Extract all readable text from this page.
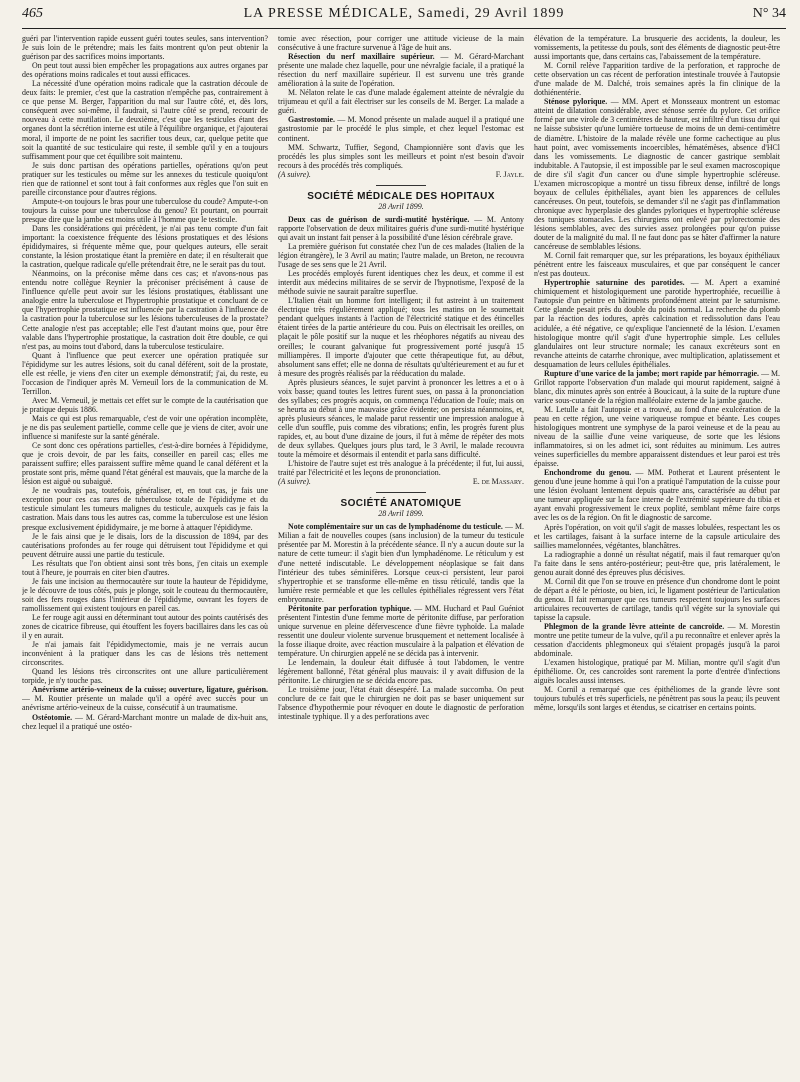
465	LA PRESSE MÉDICALE, Samedi, 29 Avril 1899	N° 34

guéri par l'intervention rapide eussent guéri toutes seules, sans intervention? Je suis loin de le prétendre; mais les faits montrent qu'on peut obtenir la guérison par des sacrifices moins importants.

On peut tout aussi bien empêcher les propagations aux autres organes par des opérations moins radicales et tout aussi efficaces.

La nécessité d'une opération moins radicale que la castration découle de deux faits: le premier, c'est que la castration n'empêche pas, contrairement à ce que pense M. Berger, l'apparition du mal sur l'autre côté, et, dès lors, conséquent avec soi-même, il faudrait, si l'autre côté se prend, recourir de nouveau à cette mutilation. Le deuxième, c'est que les testicules étant des organes dont la sécrétion interne est utile à l'équilibre organique, et j'ajouterai moral, il importe de ne point les sacrifier tous deux, car, quelque petite que soit la quantité de suc testiculaire qui reste, il semble qu'il y en a toujours suffisamment pour que cet équilibre soit maintenu.

Je suis donc partisan des opérations partielles, opérations qu'on peut pratiquer sur les testicules ou même sur les annexes du testicule quoiqu'ont rien que de rationnel et sont tout à fait conformes aux règles que l'on suit en pareille circonstance pour d'autres régions.

Ampute-t-on toujours le bras pour une tuberculose du coude? Ampute-t-on toujours la cuisse pour une tuberculose du genou? Et pourtant, on pourrait presque dire que la jambe est moins utile à l'homme que le testicule.

Dans les considérations qui précèdent, je n'ai pas tenu compte d'un fait important: la coexistence fréquente des lésions prostatiques et des lésions épididymaires, si fréquente même que, pour quelques auteurs, elle serait constante, la lésion prostatique étant la première en date; il en résulterait que la castration, quelque radicale qu'elle prétendrait être, ne le serait pas du tout.

Néanmoins, on la préconise même dans ces cas; et n'avons-nous pas entendu notre collègue Reynier la préconiser précisément à cause de l'influence qu'elle peut avoir sur les lésions prostatiques, établissant une analogie entre la tuberculose et l'hypertrophie prostatique et concluant de ce que l'hypertrophie prostatique est influencée par la castration à l'influence de la castration pour la tuberculose sur les lésions tuberculeuses de la prostate? Cette analogie n'est pas acceptable; elle l'est d'autant moins que, pour être valable dans l'hypertrophie prostatique, la castration doit être double, ce qui n'est pas, au moins tout d'abord, dans la tuberculose testiculaire.

Quant à l'influence que peut exercer une opération pratiquée sur l'épididyme sur les autres lésions, soit du canal déférent, soit de la prostate, elle est réelle, je viens d'en citer un exemple démonstratif; j'ai, du reste, eu l'occasion de l'indiquer après M. Verneuil lors de la communication de M. Terrillon.

Avec M. Verneuil, je mettais cet effet sur le compte de la cautérisation que je pratique depuis 1886.

Mais ce qui est plus remarquable, c'est de voir une opération incomplète, je ne dis pas seulement partielle, comme celle que je viens de citer, avoir une influence si manifeste sur la santé générale.

Ce sont donc ces opérations partielles, c'est-à-dire bornées à l'épididyme, que je crois devoir, de par les faits, conseiller en pareil cas; elles me paraissent suffire; elles paraissent suffire même quand le canal déférent et la prostate sont pris, même quand l'état général est mauvais, que la marche de la lésion est aiguë ou subaiguë.

Je ne voudrais pas, toutefois, généraliser, et, en tout cas, je fais une exception pour ces cas rares de tuberculose totale de l'épididyme et du testicule simulant les tumeurs malignes du testicule, auxquels cas je fais la castration. Mais dans tous les autres cas, comme la tuberculose est une lésion presque exclusivement épididymaire, je me borne à attaquer l'épididyme.

Je le fais ainsi que je le disais, lors de la discussion de 1894, par des cautérisations profondes au fer rouge qui détruisent tout l'épididyme et qui peuvent détruire aussi une partie du testicule.

Les résultats que l'on obtient ainsi sont très bons, j'en citais un exemple tout à l'heure, je pourrais en citer bien d'autres.

Je fais une incision au thermocautère sur toute la hauteur de l'épididyme, je le découvre de tous côtés, puis je plonge, soit le couteau du thermocautère, soit des fers rouges dans l'intérieur de l'épididyme, ouvrant les foyers de ramollissement qui existent toujours en pareil cas.

Le fer rouge agit aussi en déterminant tout autour des points cautérisés des zones de cicatrice fibreuse, qui étouffent les foyers bacillaires dans les cas où il y en aurait.

Je n'ai jamais fait l'épididymectomie, mais je ne verrais aucun inconvénient à la pratiquer dans les cas de lésions très nettement circonscrites.

Quand les lésions très circonscrites ont une allure particulièrement torpide, je n'y touche pas.

Anévrisme artério-veineux de la cuisse; ouverture, ligature, guérison. — M. Routier présente un malade qu'il a opéré avec succès pour un anévrisme artério-veineux de la cuisse, consécutif à un traumatisme.

Ostéotomie. — M. Gérard-Marchant montre un malade de dix-huit ans, chez lequel il a pratiqué une ostéo-

tomie avec résection, pour corriger une attitude vicieuse de la main consécutive à une fracture survenue à l'âge de huit ans.

Résection du nerf maxillaire supérieur. — M. Gérard-Marchant présente une malade chez laquelle, pour une névralgie faciale, il a pratiqué la résection du nerf maxillaire supérieur. Il est survenu une très grande amélioration à la suite de l'opération.

M. Nélaton relate le cas d'une malade également atteinte de névralgie du trijumeau et qu'il a fait électriser sur les conseils de M. Berger. La malade a guéri.

Gastrostomie. — M. Monod présente un malade auquel il a pratiqué une gastrostomie par le procédé le plus simple, et chez lequel l'estomac est continent.

MM. Schwartz, Tuffier, Segond, Championnière sont d'avis que les procédés les plus simples sont les meilleurs et point n'est besoin d'avoir recours à des procédés très compliqués.

(A suivre).	F. Jayle.
SOCIÉTÉ MÉDICALE DES HOPITAUX
28 Avril 1899.

Deux cas de guérison de surdi-mutité hystérique. — M. Antony rapporte l'observation de deux militaires guéris d'une surdi-mutité hystérique qui avait un instant fait penser à la possibilité d'une lésion cérébrale grave.

La première guérison fut constatée chez l'un de ces malades (Italien de la légion étrangère), le 3 Avril au matin; l'autre malade, un Breton, ne recouvra l'usage de ses sens que le 21 Avril.

Les procédés employés furent identiques chez les deux, et comme il est interdit aux médecins militaires de se servir de l'hypnotisme, l'exposé de la méthode suivie ne saurait paraître superflue.

L'Italien était un homme fort intelligent; il fut astreint à un traitement électrique très régulièrement appliqué; tous les matins on le soumettait pendant quelques instants à l'action de l'électricité statique et des étincelles étaient tirées de la partie antérieure du cou. Puis on électrisait les oreilles, on plaçait le pôle positif sur la nuque et les rhéophores négatifs au niveau des oreilles; le courant galvanique fut progressivement porté jusqu'à 15 milliampères. Il importe d'ajouter que cette thérapeutique fut, au début, absolument sans effet; elle ne donna de résultats qu'ultérieurement et au fur et à mesure des progrès réalisés par la rééducation du malade.

Après plusieurs séances, le sujet parvint à prononcer les lettres a et o à voix basse; quand toutes les lettres furent sues, on passa à la prononciation des syllabes; ces progrès acquis, on commença l'éducation de l'ouïe; mais on se heurta au début à une mauvaise grâce évidente; on persista néanmoins, et, après plusieurs séances, le malade parut ressentir une impression analogue à celle d'un souffle, puis comme des vibrations; enfin, les progrès furent plus rapides, et, au bout d'une dizaine de jours, il fut à même de répéter des mots de deux syllabes. Quelques jours plus tard, le 3 Avril, le malade recouvra toute la mémoire et désormais il entendit et parla sans difficulté.

L'histoire de l'autre sujet est très analogue à la précédente; il fut, lui aussi, traité par l'électricité et les leçons de prononciation.

(A suivre).	E. de Massary.
SOCIÉTÉ ANATOMIQUE
28 Avril 1899.

Note complémentaire sur un cas de lymphadénome du testicule. — M. Milian a fait de nouvelles coupes (sans inclusion) de la tumeur du testicule présentée par M. Morestin à la précédente séance. Il n'y a aucun doute sur la nature de cette tumeur: il s'agit bien d'un lymphadénome. Le réticulum y est d'une netteté indiscutable. Le développement néoplasique se fait dans l'intérieur des tubes séminifères. Lorsque ceux-ci persistent, leur paroi s'hypertrophie et se transforme elle-même en tissu réticulé, tandis que la lumière reste perméable et que les cellules épithéliales régressent vers l'état embryonnaire.

Péritonite par perforation typhique. — MM. Huchard et Paul Guéniot présentent l'intestin d'une femme morte de péritonite diffuse, par perforation unique survenue en pleine défervescence d'une fièvre typhoïde. La malade ressentit une douleur violente survenue brusquement et nettement localisée à la fosse iliaque droite, avec réaction musculaire à la palpation et élévation de température. Un chirurgien appelé ne se décida pas à intervenir.

Le lendemain, la douleur était diffusée à tout l'abdomen, le ventre légèrement ballonné, l'état général plus mauvais: il y avait diffusion de la péritonite. Le chirurgien ne se décida encore pas.

Le troisième jour, l'état était désespéré. La malade succomba. On peut conclure de ce fait que le chirurgien ne doit pas se baser uniquement sur l'absence d'hypothermie pour révoquer en doute le diagnostic de perforation intestinale typhique. Il y a des perforations avec

élévation de la température. La brusquerie des accidents, la douleur, les vomissements, la petitesse du pouls, sont des éléments de diagnostic peut-être aussi importants que, dans certains cas, l'abaissement de la température.

M. Cornil relève l'apparition tardive de la perforation, et rapproche de cette observation un cas récent de perforation intestinale trouvée à l'autopsie d'une malade de M. Dalché, trois semaines après la fin clinique de la dothiénentérie.

Sténose pylorique. — MM. Apert et Monsseaux montrent un estomac atteint de dilatation considérable, avec sténose serrée du pylore. Cet orifice formé par une virole de 3 centimètres de hauteur, est infiltré d'un tissu dur qui ne laisse subsister qu'une lumière tortueuse de moins de un demi-centimètre de diamètre. L'histoire de la malade révèle une forme cachectique au plus haut point, avec vomissements incoercibles, hématémèses, absence d'HCl dans les vomissements. Le diagnostic de cancer gastrique semblait indubitable. A l'autopsie, il est impossible par le seul examen macroscopique de dire s'il s'agit d'un cancer ou d'une simple hypertrophie scléreuse. L'examen microscopique a montré un tissu fibreux dense, infiltré de longs boyaux de cellules épithéliales, ayant bien les apparences de cellules cancéreuses. On peut, toutefois, se demander s'il ne s'agit pas d'inflammation chronique avec hyperplasie des glandes pyloriques et hypertrophie scléreuse des tuniques stomacales. Les chirurgiens ont enlevé par pylorectomie des lésions semblables, avec des survies assez prolongées pour qu'on puisse douter de la malignité du mal. Il ne faut donc pas se hâter d'affirmer la nature cancéreuse de semblables lésions.

M. Cornil fait remarquer que, sur les préparations, les boyaux épithéliaux pénètrent entre les faisceaux musculaires, et que par conséquent le cancer n'est pas douteux.

Hypertrophie saturnine des parotides. — M. Apert a examiné chimiquement et histologiquement une parotide hypertrophiée, recueillie à l'autopsie d'un peintre en bâtiments profondément atteint par le saturnisme. Cette glande pesait près du double du poids normal. La recherche du plomb par la réaction des iodures, après calcination et redissolution dans l'eau acidulée, a été négative, ce qu'explique l'ancienneté de la lésion. L'examen histologique montre qu'il s'agit d'une hypertrophie simple. Les cellules glandulaires ont leur structure normale; les canaux excréteurs sont en revanche atteints de catarrhe chronique, avec multiplication, aplatissement et desquamation de leurs cellules épithéliales.

Rupture d'une varice de la jambe; mort rapide par hémorragie. — M. Grillot rapporte l'observation d'un malade qui mourut rapidement, saigné à blanc, dix minutes après son entrée à Boucicaut, à la suite de la rupture d'une varice sous-cutanée de la région malléolaire externe de la jambe gauche.

M. Letulle a fait l'autopsie et a trouvé, au fond d'une exulcération de la peau en cette région, une veine variqueuse rompue et béante. Les coupes histologiques montrent une symphyse de la paroi veineuse et de la peau au niveau de la saillie d'une veine variqueuse, de sorte que les lésions inflammatoires, si on les admet ici, sont réduites au minimum. Les autres veines superficielles du membre apparaissent distendues et leur paroi est très épaisse.

Enchondrome du genou. — MM. Potherat et Laurent présentent le genou d'une jeune homme à qui l'on a pratiqué l'amputation de la cuisse pour une lésion évoluant lentement depuis quatre ans, caractérisée au début par une tumeur appliquée sur la face interne de l'extrémité supérieure du tibia et ayant envahi progressivement le creux poplité, semblant même faire corps avec les os de la région. On fit le diagnostic de sarcome.

Après l'opération, on voit qu'il s'agit de masses lobulées, respectant les os et les cartilages, faisant à la surface interne de la capsule articulaire des saillies mamelonnées, végétantes, blanchâtres.

La radiographie a donné un résultat négatif, mais il faut remarquer qu'on l'a faite dans le sens antéro-postérieur; peut-être que, pris latéralement, le genou aurait donné des épreuves plus décisives.

M. Cornil dit que l'on se trouve en présence d'un chondrome dont le point de départ a été le périoste, ou bien, ici, le ligament postérieur de l'articulation du genou. Il fait remarquer que ces tumeurs respectent toujours les surfaces articulaires recouvertes de cartilage, tandis qu'il végète sur la synoviale qui tapisse la capsule.

Phlegmon de la grande lèvre atteinte de cancroïde. — M. Morestin montre une petite tumeur de la vulve, qu'il a pu reconnaître et enlever après la cessation d'accidents phlegmoneux qui s'étaient propagés jusqu'à la paroi abdominale.

L'examen histologique, pratiqué par M. Milian, montre qu'il s'agit d'un épithéliome. Or, ces cancroïdes sont rarement la porte d'entrée d'infections aiguës locales aussi intenses.

M. Cornil a remarqué que ces épithéliomes de la grande lèvre sont toujours tubulés et très superficiels, ne pénètrent pas sous la peau; ils peuvent même, lorsqu'ils sont larges et étendus, se cicatriser en certains points.
